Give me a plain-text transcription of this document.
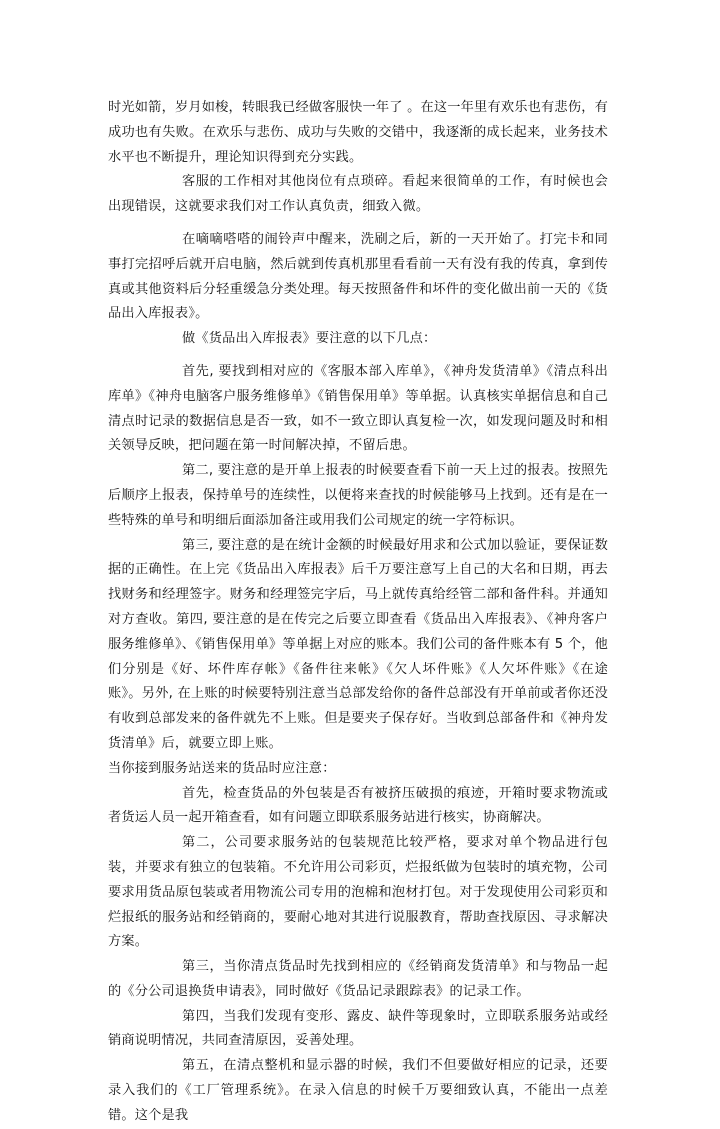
时光如箭，岁月如梭，转眼我已经做客服快一年了 。在这一年里有欢乐也有悲伤，有成功也有失败。在欢乐与悲伤、成功与失败的交错中，我逐渐的成长起来，业务技术水平也不断提升，理论知识得到充分实践。

客服的工作相对其他岗位有点琐碎。看起来很简单的工作，有时候也会出现错误，这就要求我们对工作认真负责，细致入微。

在嘀嘀嗒嗒的闹铃声中醒来，洗刷之后，新的一天开始了。打完卡和同事打完招呼后就开启电脑，然后就到传真机那里看看前一天有没有我的传真，拿到传真或其他资料后分轻重缓急分类处理。每天按照备件和坏件的变化做出前一天的《货品出入库报表》。

做《货品出入库报表》要注意的以下几点：

首先, 要找到相对应的《客服本部入库单》，《神舟发货清单》《清点科出库单》《神舟电脑客户服务维修单》《销售保用单》等单据。认真核实单据信息和自己清点时记录的数据信息是否一致，如不一致立即认真复检一次，如发现问题及时和相关领导反映，把问题在第一时间解决掉，不留后患。

第二, 要注意的是开单上报表的时候要查看下前一天上过的报表。按照先后顺序上报表，保持单号的连续性，以便将来查找的时候能够马上找到。还有是在一些特殊的单号和明细后面添加备注或用我们公司规定的统一字符标识。

第三, 要注意的是在统计金额的时候最好用求和公式加以验证，要保证数据的正确性。在上完《货品出入库报表》后千万要注意写上自己的大名和日期，再去找财务和经理签字。财务和经理签完字后，马上就传真给经管二部和备件科。并通知对方查收。第四, 要注意的是在传完之后要立即查看《货品出入库报表》、《神舟客户服务维修单》、《销售保用单》等单据上对应的账本。我们公司的备件账本有 5 个，他们分别是《好、坏件库存帐》《备件往来帐》《欠人坏件账》《人欠坏件账》《在途账》。另外, 在上账的时候要特别注意当总部发给你的备件总部没有开单前或者你还没有收到总部发来的备件就先不上账。但是要夹子保存好。当收到总部备件和《神舟发货清单》后，就要立即上账。

当你接到服务站送来的货品时应注意：

首先，检查货品的外包装是否有被挤压破损的痕迹，开箱时要求物流或者货运人员一起开箱查看，如有问题立即联系服务站进行核实，协商解决。

第二，公司要求服务站的包装规范比较严格，要求对单个物品进行包装，并要求有独立的包装箱。不允许用公司彩页，烂报纸做为包装时的填充物，公司要求用货品原包装或者用物流公司专用的泡棉和泡材打包。对于发现使用公司彩页和烂报纸的服务站和经销商的，要耐心地对其进行说服教育，帮助查找原因、寻求解决方案。

第三，当你清点货品时先找到相应的《经销商发货清单》和与物品一起的《分公司退换货申请表》，同时做好《货品记录跟踪表》的记录工作。

第四，当我们发现有变形、露皮、缺件等现象时，立即联系服务站或经销商说明情况，共同查清原因，妥善处理。

第五，在清点整机和显示器的时候，我们不但要做好相应的记录，还要录入我们的《工厂管理系统》。在录入信息的时候千万要细致认真，不能出一点差错。这个是我
